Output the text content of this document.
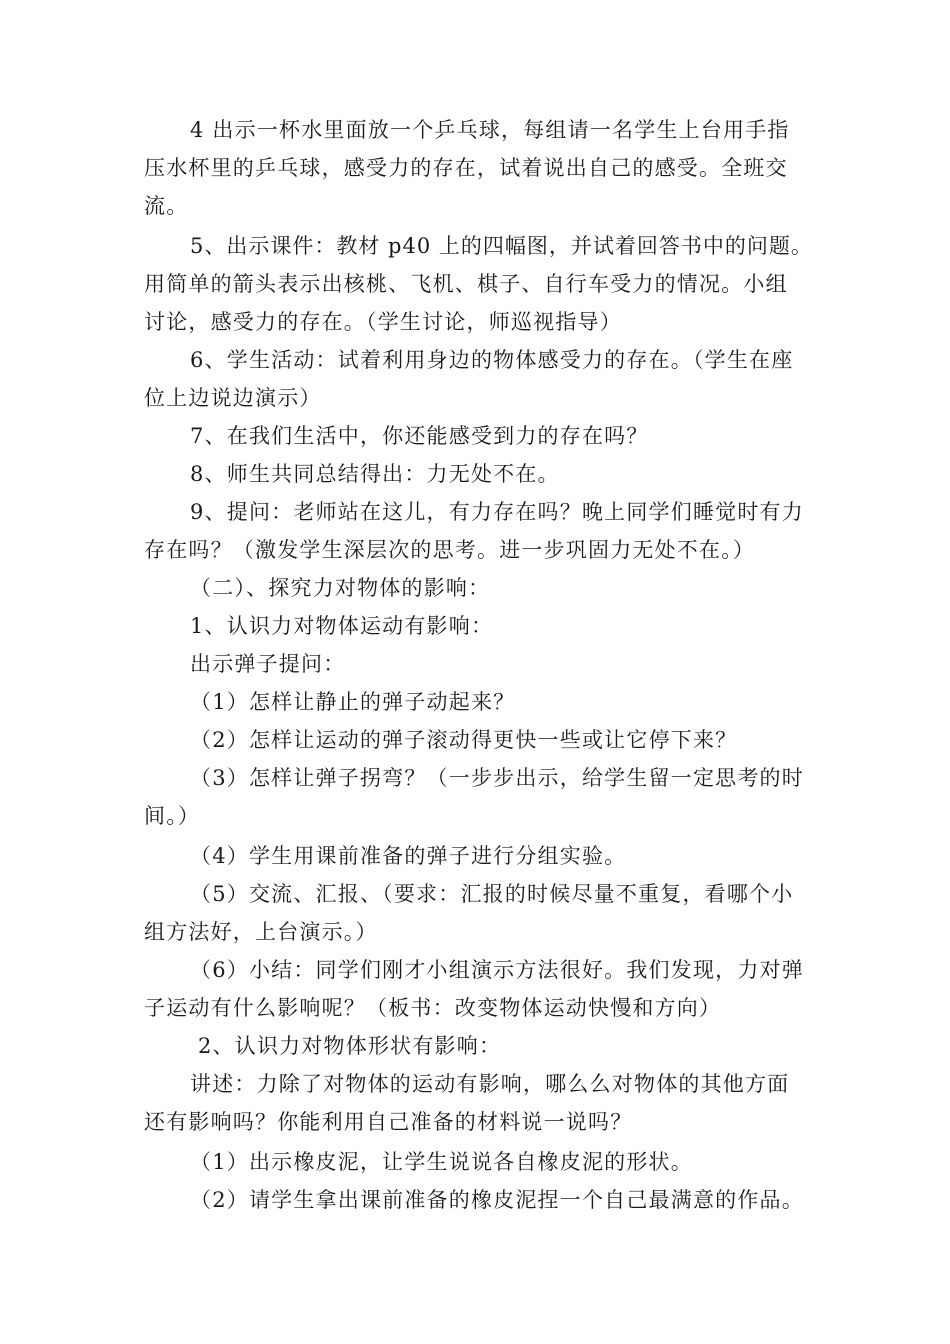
4 出示一杯水里面放一个乒乓球，每组请一名学生上台用手指
压水杯里的乒乓球，感受力的存在，试着说出自己的感受。全班交
流。
5、出示课件：教材 p40 上的四幅图，并试着回答书中的问题。
用简单的箭头表示出核桃、飞机、棋子、自行车受力的情况。小组
讨论，感受力的存在。（学生讨论，师巡视指导）
6、学生活动：试着利用身边的物体感受力的存在。（学生在座
位上边说边演示）
7、在我们生活中，你还能感受到力的存在吗？
8、师生共同总结得出：力无处不在。
9、提问：老师站在这儿，有力存在吗？晚上同学们睡觉时有力
存在吗？（激发学生深层次的思考。进一步巩固力无处不在。）
（二）、探究力对物体的影响：
1、认识力对物体运动有影响：
出示弹子提问：
（1）怎样让静止的弹子动起来？
（2）怎样让运动的弹子滚动得更快一些或让它停下来？
（3）怎样让弹子拐弯？（一步步出示，给学生留一定思考的时
间。）
（4）学生用课前准备的弹子进行分组实验。
（5）交流、汇报、（要求：汇报的时候尽量不重复，看哪个小
组方法好，上台演示。）
（6）小结：同学们刚才小组演示方法很好。我们发现，力对弹
子运动有什么影响呢？（板书：改变物体运动快慢和方向）
2、认识力对物体形状有影响：
讲述：力除了对物体的运动有影响，哪么么对物体的其他方面
还有影响吗？你能利用自己准备的材料说一说吗？
（1）出示橡皮泥，让学生说说各自橡皮泥的形状。
（2）请学生拿出课前准备的橡皮泥捏一个自己最满意的作品。
